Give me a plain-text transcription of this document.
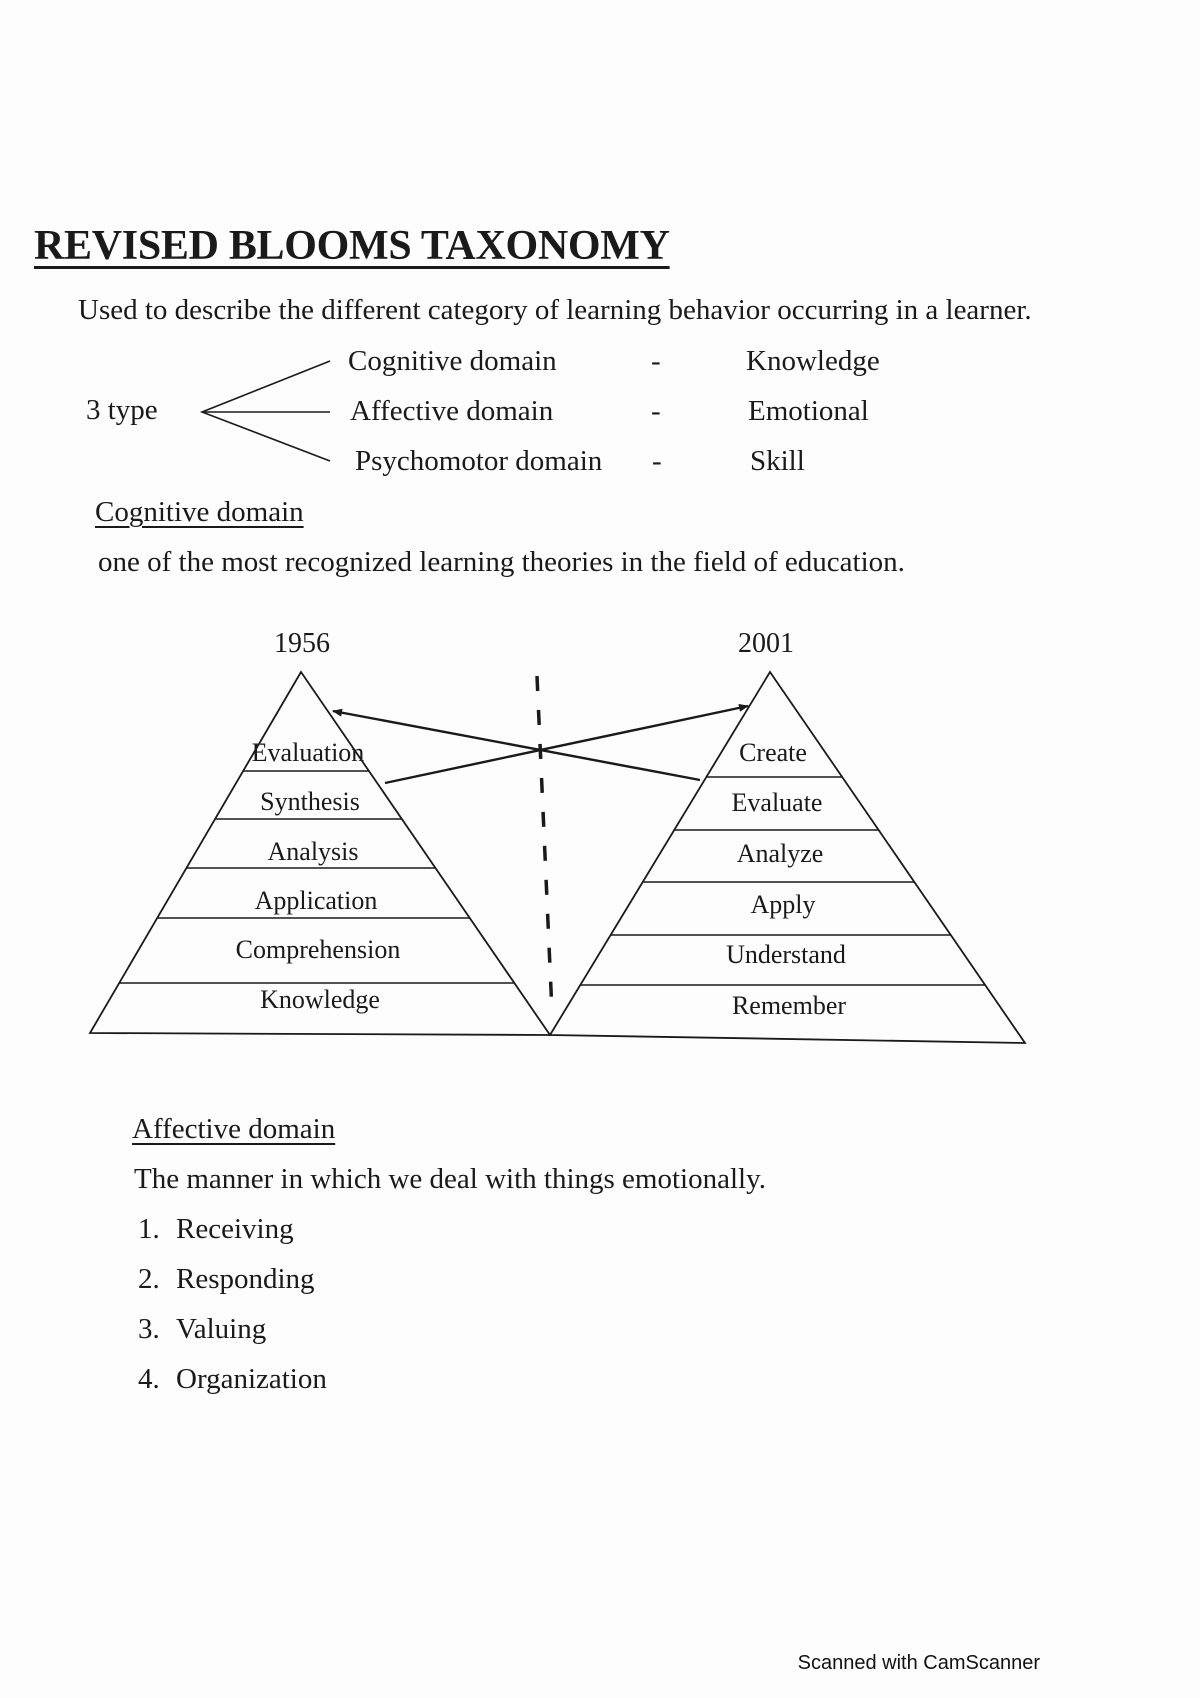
REVISED BLOOMS TAXONOMY
Used to describe the different category of learning behavior occurring in a learner.
3 type
Cognitive domain	-	Knowledge
Affective domain	-	Emotional
Psychomotor domain -	Skill
Cognitive domain
one of the most recognized learning theories in the field of education.
1956	2001
Evaluation
Synthesis
Analysis
Application
Comprehension
Knowledge
Create
Evaluate
Analyze
Apply
Understand
Remember
Affective domain
The manner in which we deal with things emotionally.
1. Receiving
2. Responding
3. Valuing
4. Organization
Scanned with CamScanner
